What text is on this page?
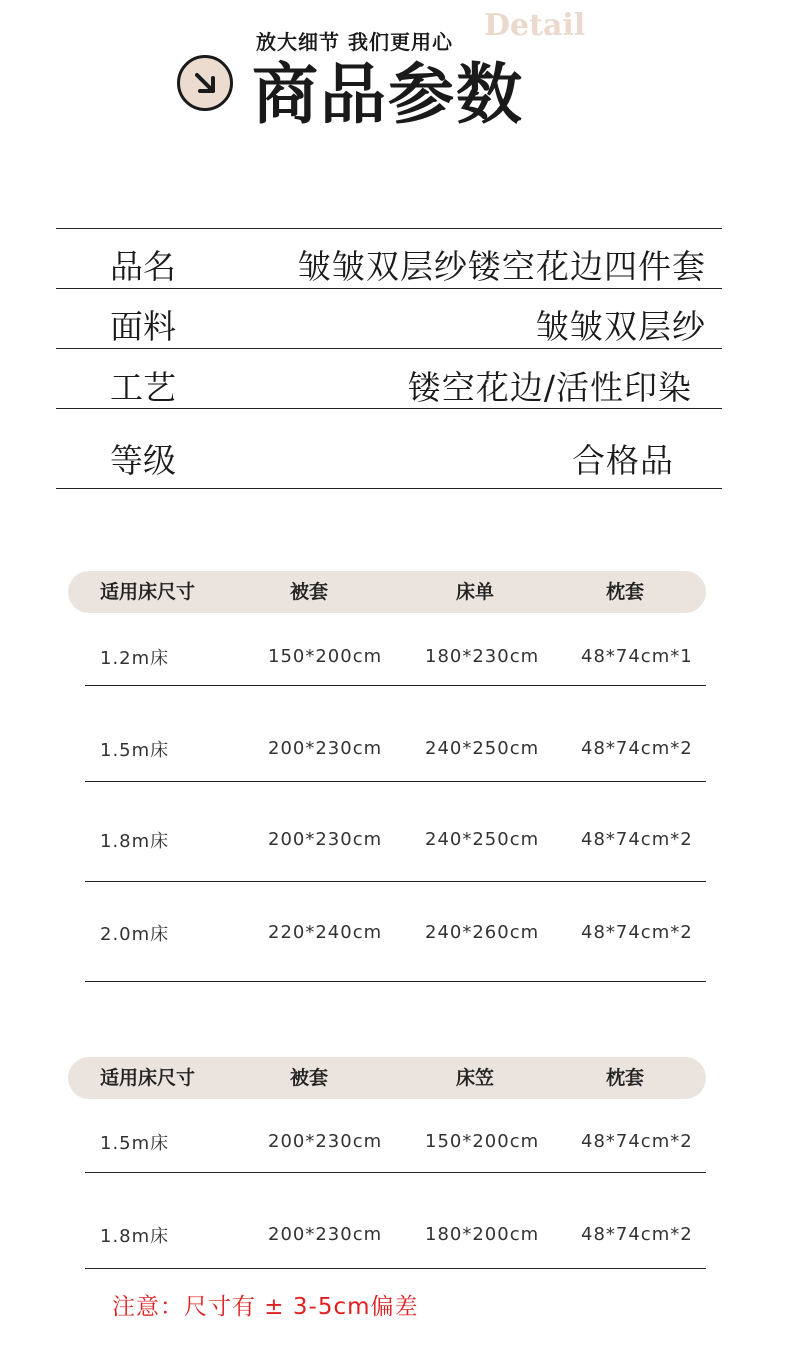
放大细节 我们更用心 Detail
商品参数
品名	皱皱双层纱镂空花边四件套
面料	皱皱双层纱
工艺	镂空花边/活性印染
等级	合格品
适用床尺寸	被套	床单	枕套
1.2m床	150*200cm 180*230cm 48*74cm*1
1.5m床	200*230cm 240*250cm 48*74cm*2
1.8m床	200*230cm 240*250cm 48*74cm*2
2.0m床	220*240cm 240*260cm 48*74cm*2
适用床尺寸	被套	床笠	枕套
1.5m床	200*230cm 150*200cm 48*74cm*2
1.8m床	200*230cm 180*200cm 48*74cm*2
注意：尺寸有 ± 3-5cm偏差
